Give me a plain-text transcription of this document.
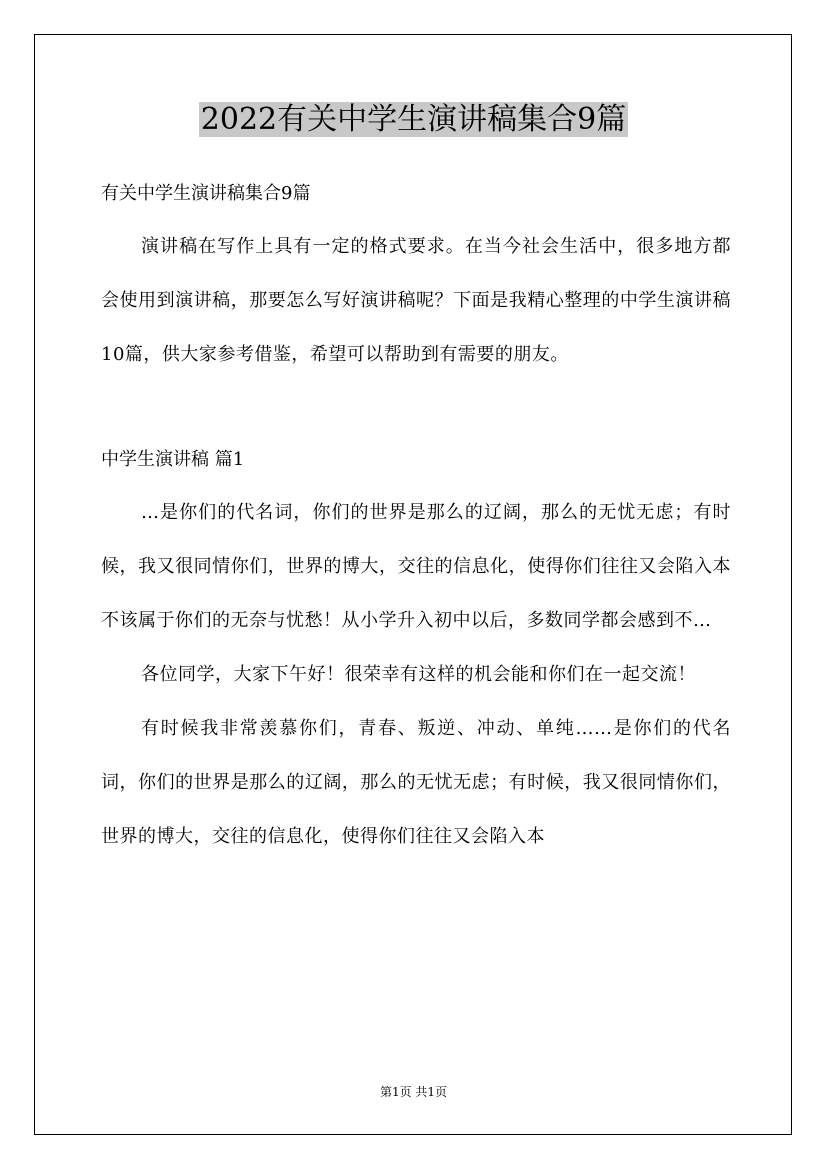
2022有关中学生演讲稿集合9篇

有关中学生演讲稿集合9篇

演讲稿在写作上具有一定的格式要求。在当今社会生活中，很多地方都会使用到演讲稿，那要怎么写好演讲稿呢？下面是我精心整理的中学生演讲稿10篇，供大家参考借鉴，希望可以帮助到有需要的朋友。

中学生演讲稿 篇1

…是你们的代名词，你们的世界是那么的辽阔，那么的无忧无虑；有时候，我又很同情你们，世界的博大，交往的信息化，使得你们往往又会陷入本不该属于你们的无奈与忧愁！从小学升入初中以后，多数同学都会感到不…

各位同学，大家下午好！很荣幸有这样的机会能和你们在一起交流！

有时候我非常羡慕你们，青春、叛逆、冲动、单纯……是你们的代名词，你们的世界是那么的辽阔，那么的无忧无虑；有时候，我又很同情你们，世界的博大，交往的信息化，使得你们往往又会陷入本

第1页 共1页
